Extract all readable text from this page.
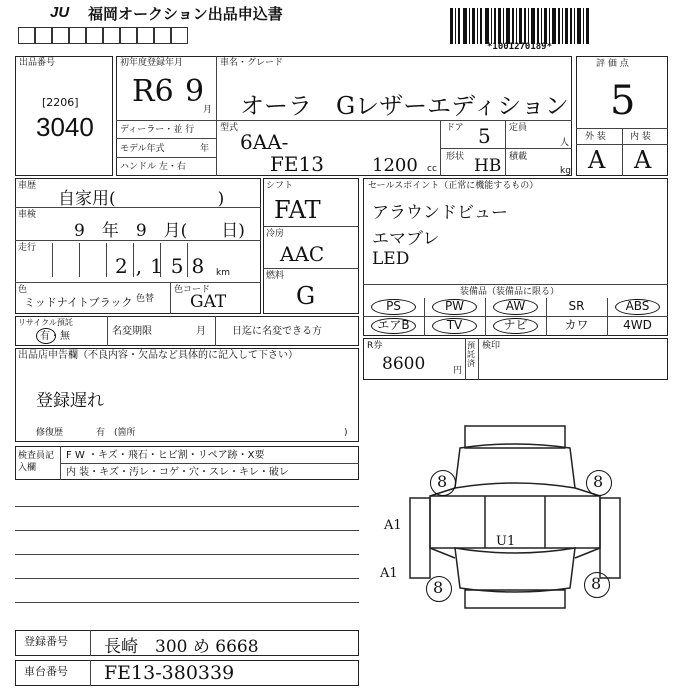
JU 福岡オークション出品申込書
*1001270189*
出品番号
[2206]
3040
初年度登録年月
R6 9
月
車名・グレード
オーラ　Gレザーエディション
ディーラー・並 行
モデル年式	年
ハンドル 左・右
型式
6AA-
FE13	1200 cc
ドア 5 定員
人
形状 HB 積載
kg
評 価 点
5
外 装	内 装
A A
車歴
自家用(　　　　　　)
車検
9　年　9　月(　　日)
走行
2,158 km
色
ミッドナイトブラック 色替
色コード
GAT
シフト
FAT
冷房
AAC
燃料
G
セールスポイント（正常に機能するもの）
アラウンドビュー
エマブレ
LED
装備品（装備品に限る）
PS	PW	AW	SR	ABS
エアB	TV	ナビ	カワ	4WD
リサイクル預託
有・無	名変期限	月	日迄に名変できる方
出品店申告欄（不良内容・欠品など具体的に記入して下さい）
登録遅れ
修復歴	有　(箇所	)
R券
8600	円
預託済
検印
検査員記入欄
F W ・キズ・飛石・ヒビ割・リペア跡・X要
内 装・キズ・汚レ・コゲ・穴・スレ・キレ・破レ	8	8
8	8
A1
A1
U1
登録番号 長崎　300 め 6668
車台番号 FE13-380339
